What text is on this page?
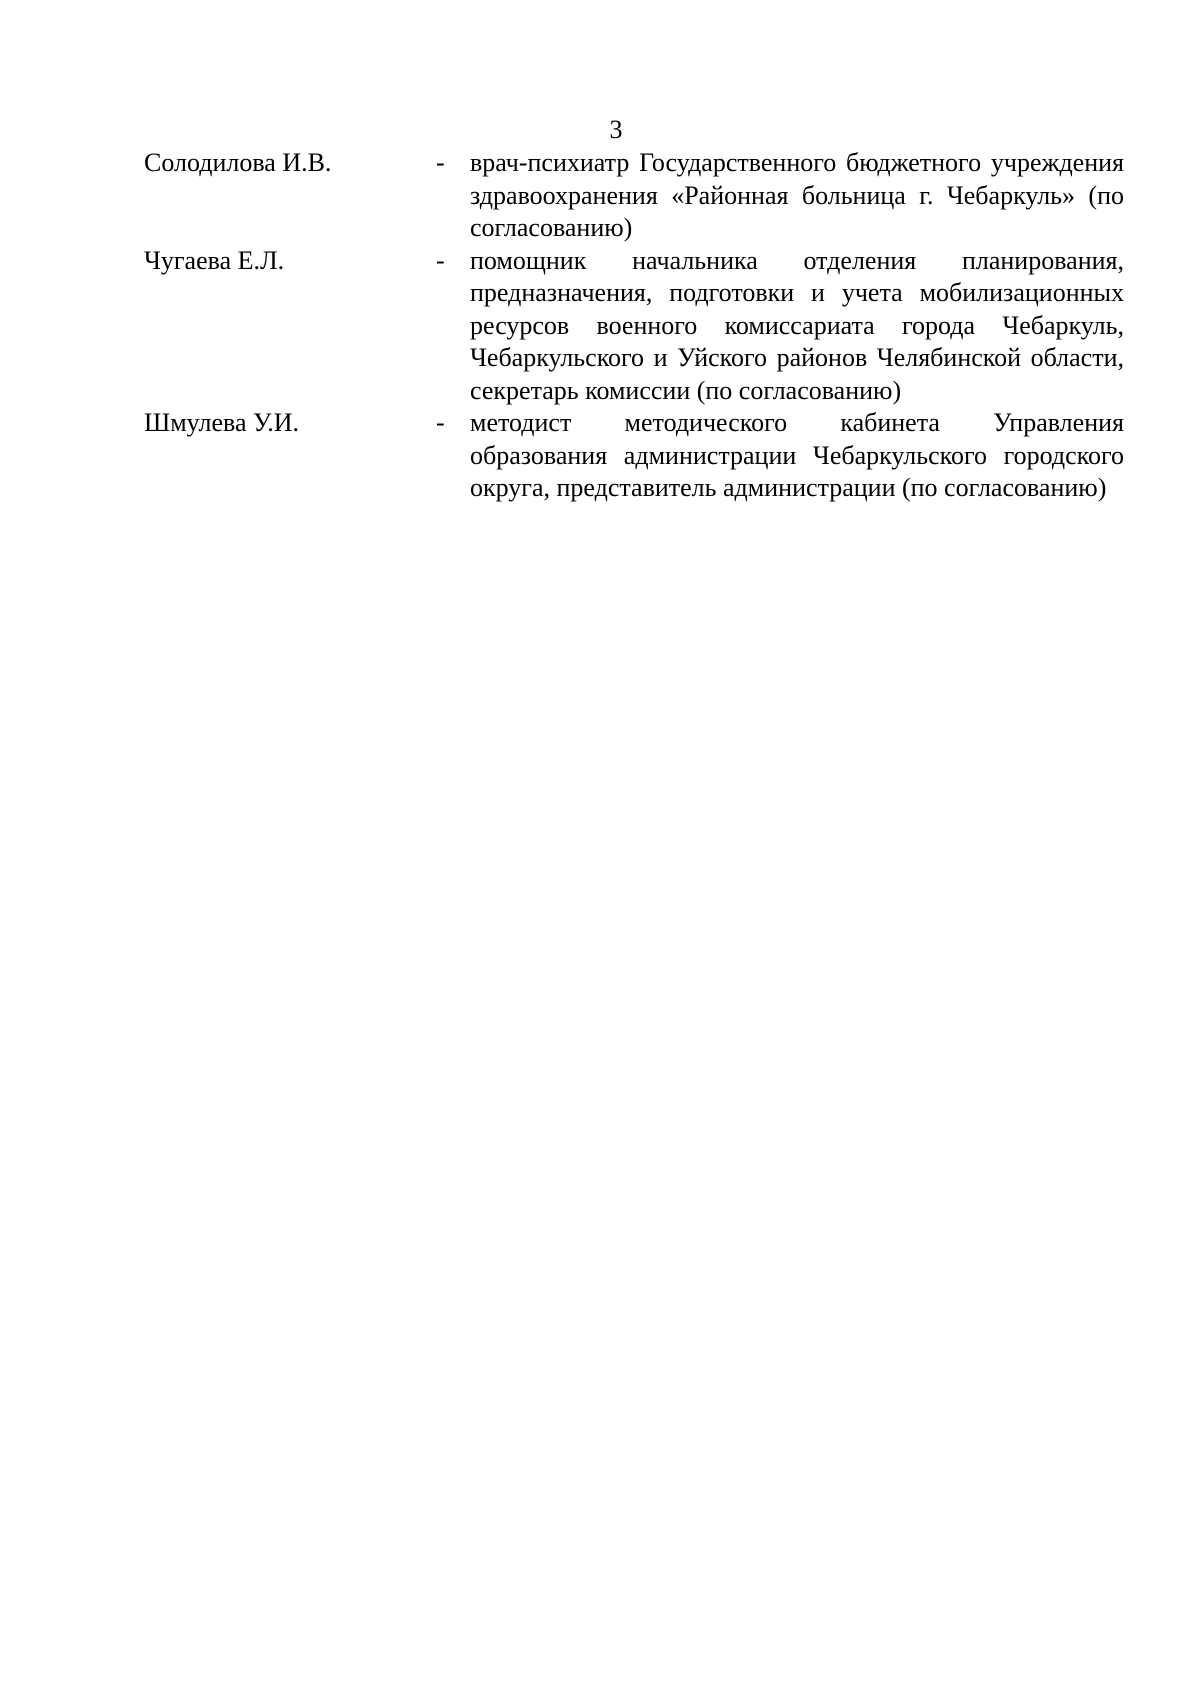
3
Солодилова И.В.	- врач-психиатр Государственного бюджетного учреждения здравоохранения «Районная больница г. Чебаркуль» (по согласованию)
Чугаева Е.Л.	- помощник начальника отделения планирования, предназначения, подготовки и учета мобилизационных ресурсов военного комиссариата города Чебаркуль, Чебаркульского и Уйского районов Челябинской области, секретарь комиссии (по согласованию)
Шмулева У.И.	- методист методического кабинета Управления образования администрации Чебаркульского городского округа, представитель администрации (по согласованию)
